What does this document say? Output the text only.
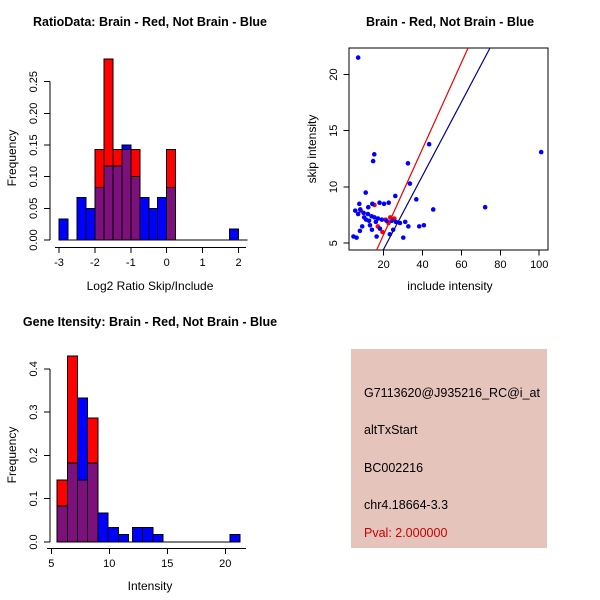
0.00
0.05
0.10
0.15
0.20
0.25
-3 -2 -1	0	1	2	20 40 60 80 100
5
10
15
20
0.0
0.1
0.2
0.3
0.4
5	10	15	20
RatioData: Brain - Red, Not Brain - Blue
Frequency
Log2 Ratio Skip/Include
Brain - Red, Not Brain - Blue
skip intensity
include intensity
Gene Itensity: Brain - Red, Not Brain - Blue
Frequency
Intensity
G7113620@J935216_RC@i_at
altTxStart
BC002216
chr4.18664-3.3
Pval: 2.000000
